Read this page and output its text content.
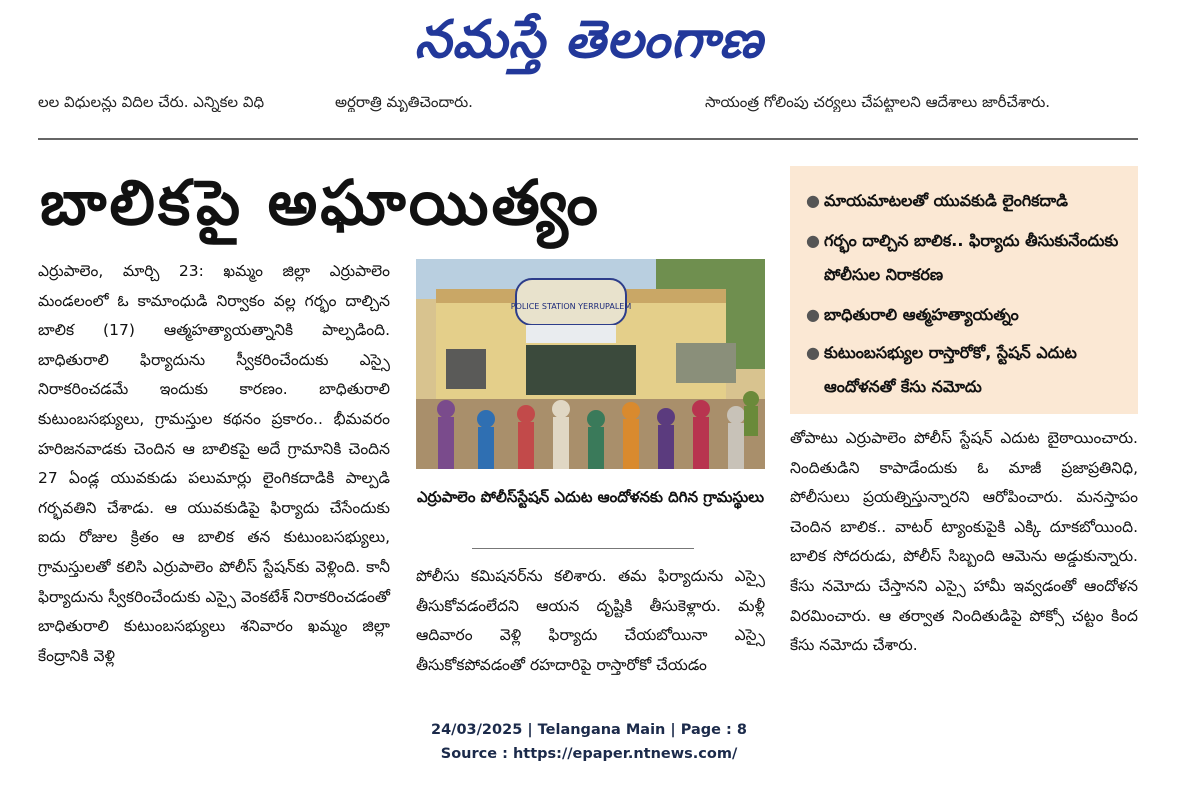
నమస్తే తెలంగాణ
లల విధులన్లు విదిల చేరు. ఎన్నికల విధి	అర్థరాత్రి మృతిచెందారు.	సాయంత్ర గోలింపు చర్యలు చేపట్టాలని ఆదేశాలు జారీచేశారు.
బాలికపై అఘాయిత్యం	● మాయమాటలతో యువకుడి లైంగికదాడి
● గర్భం దాల్చిన బాలిక.. ఫిర్యాదు తీసుకునేందుకు పోలీసుల నిరాకరణ
● బాధితురాలి ఆత్మహత్యాయత్నం
● కుటుంబసభ్యుల రాస్తారోకో, స్టేషన్ ఎదుట ఆందోళనతో కేసు నమోదు

ఎర్రుపాలెం, మార్చి 23: ఖమ్మం జిల్లా ఎర్రుపాలెం మండలంలో ఓ కామాంధుడి నిర్వాకం వల్ల గర్భం దాల్చిన బాలిక (17) ఆత్మహత్యాయత్నానికి పాల్పడింది. బాధితురాలి ఫిర్యాదును స్వీకరించేందుకు ఎస్సై నిరాకరించడమే ఇందుకు కారణం. బాధితురాలి కుటుంబసభ్యులు, గ్రామస్తుల కథనం ప్రకారం.. భీమవరం హరిజనవాడకు చెందిన ఆ బాలికపై అదే గ్రామానికి చెందిన 27 ఏండ్ల యువకుడు పలుమార్లు లైంగికదాడికి పాల్పడి గర్భవతిని చేశాడు. ఆ యువకుడిపై ఫిర్యాదు చేసేందుకు ఐదు రోజుల క్రితం ఆ బాలిక తన కుటుంబసభ్యులు, గ్రామస్తులతో కలిసి ఎర్రుపాలెం పోలీస్ స్టేషన్‌కు వెళ్లింది. కానీ ఫిర్యాదును స్వీకరించేందుకు ఎస్సై వెంకటేశ్ నిరాకరించడంతో బాధితురాలి కుటుంబసభ్యులు శనివారం ఖమ్మం జిల్లా కేంద్రానికి వెళ్లి

POLICE STATION YERRUPALEM
ఎర్రుపాలెం పోలీస్‌స్టేషన్ ఎదుట ఆందోళనకు దిగిన గ్రామస్థులు

పోలీసు కమిషనర్‌ను కలిశారు. తమ ఫిర్యాదును ఎస్సై తీసుకోవడంలేదని ఆయన దృష్టికి తీసుకెళ్లారు. మళ్లీ ఆదివారం వెళ్లి ఫిర్యాదు చేయబోయినా ఎస్సై తీసుకోకపోవడంతో రహదారిపై రాస్తారోకో చేయడం

తోపాటు ఎర్రుపాలెం పోలీస్ స్టేషన్ ఎదుట బైఠాయించారు. నిందితుడిని కాపాడేందుకు ఓ మాజీ ప్రజాప్రతినిధి, పోలీసులు ప్రయత్నిస్తున్నారని ఆరోపించారు. మనస్తాపం చెందిన బాలిక.. వాటర్ ట్యాంకుపైకి ఎక్కి దూకబోయింది. బాలిక సోదరుడు, పోలీస్ సిబ్బంది ఆమెను అడ్డుకున్నారు. కేసు నమోదు చేస్తానని ఎస్సై హామీ ఇవ్వడంతో ఆందోళన విరమించారు. ఆ తర్వాత నిందితుడిపై పోక్సో చట్టం కింద కేసు నమోదు చేశారు.

24/03/2025 | Telangana Main | Page : 8
Source : https://epaper.ntnews.com/
